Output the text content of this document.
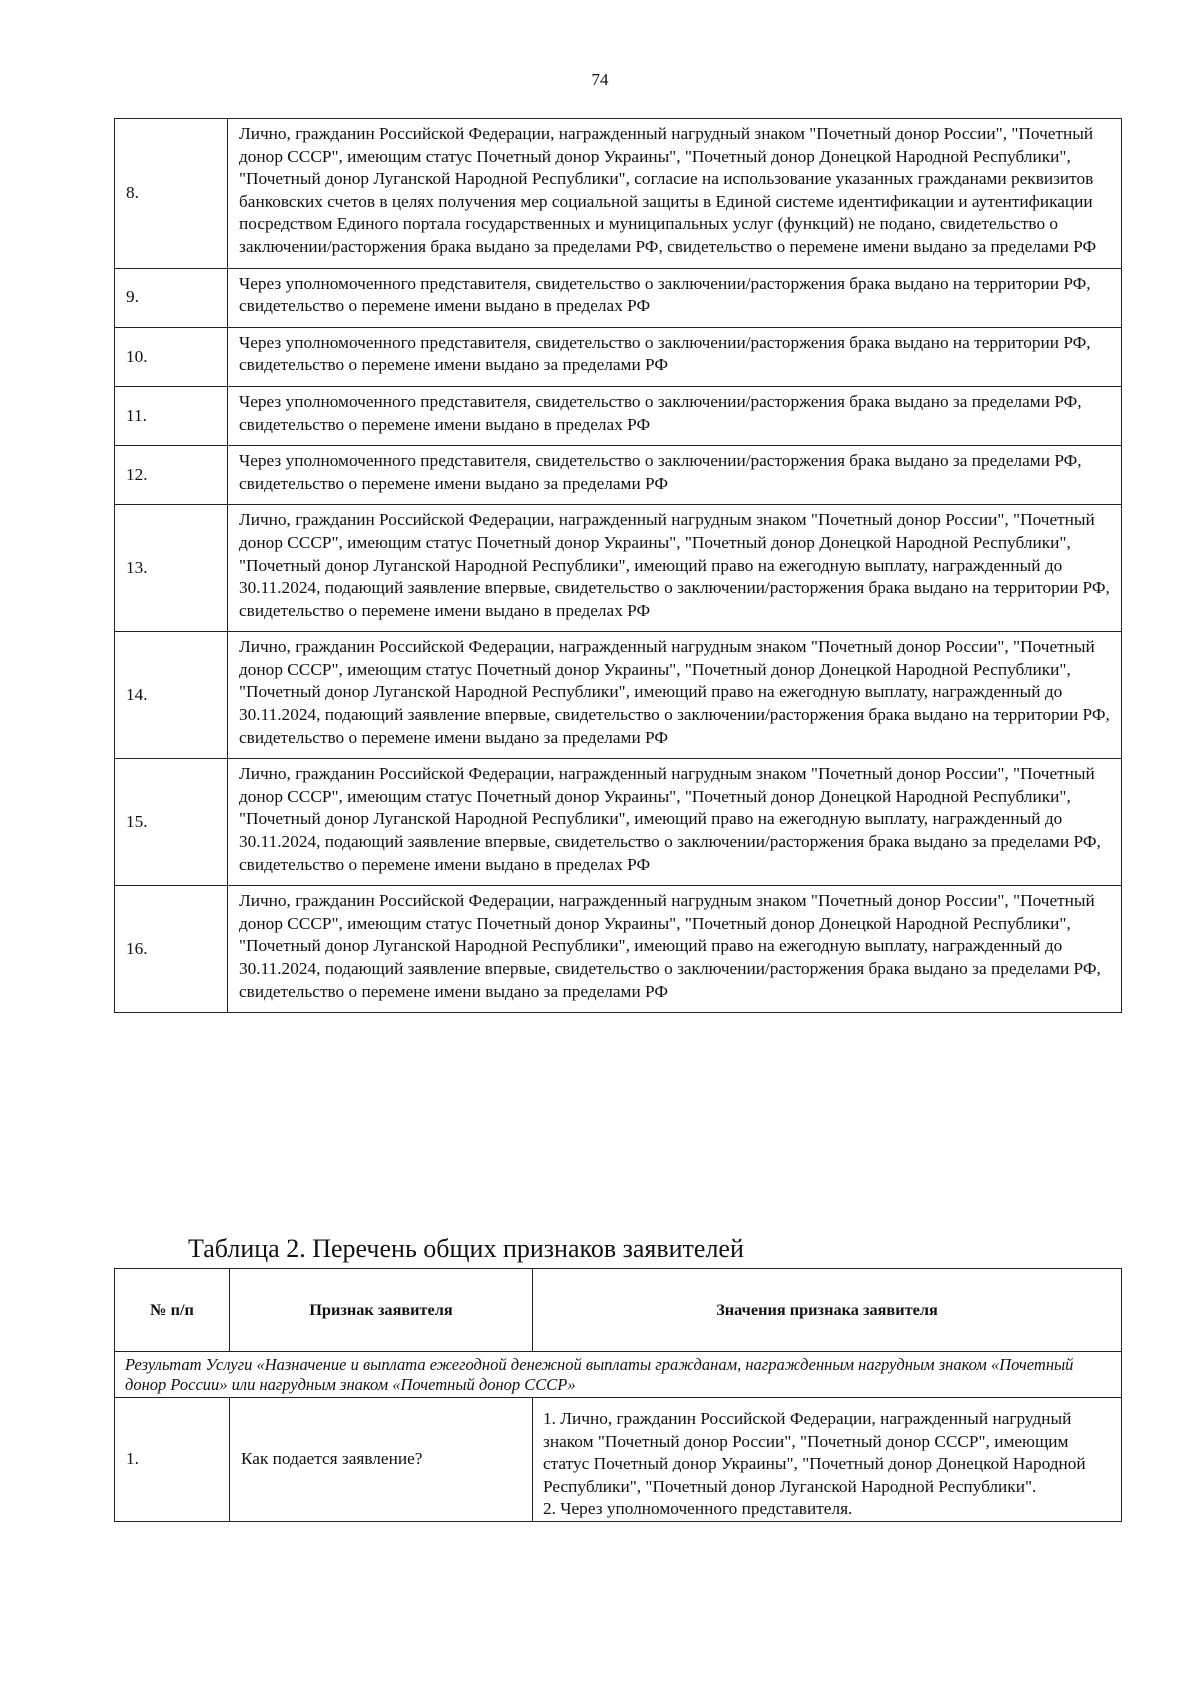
74
8.	Лично, гражданин Российской Федерации, награжденный нагрудный знаком "Почетный донор России", "Почетный донор СССР", имеющим статус Почетный донор Украины", "Почетный донор Донецкой Народной Республики", "Почетный донор Луганской Народной Республики", согласие на использование указанных гражданами реквизитов банковских счетов в целях получения мер социальной защиты в Единой системе идентификации и аутентификации посредством Единого портала государственных и муниципальных услуг (функций) не подано, свидетельство о заключении/расторжения брака выдано за пределами РФ, свидетельство о перемене имени выдано за пределами РФ
9.	Через уполномоченного представителя, свидетельство о заключении/расторжения брака выдано на территории РФ, свидетельство о перемене имени выдано в пределах РФ
10.	Через уполномоченного представителя, свидетельство о заключении/расторжения брака выдано на территории РФ, свидетельство о перемене имени выдано за пределами РФ
11.	Через уполномоченного представителя, свидетельство о заключении/расторжения брака выдано за пределами РФ, свидетельство о перемене имени выдано в пределах РФ
12.	Через уполномоченного представителя, свидетельство о заключении/расторжения брака выдано за пределами РФ, свидетельство о перемене имени выдано за пределами РФ
13.	Лично, гражданин Российской Федерации, награжденный нагрудным знаком "Почетный донор России", "Почетный донор СССР", имеющим статус Почетный донор Украины", "Почетный донор Донецкой Народной Республики", "Почетный донор Луганской Народной Республики", имеющий право на ежегодную выплату, награжденный до 30.11.2024, подающий заявление впервые, свидетельство о заключении/расторжения брака выдано на территории РФ, свидетельство о перемене имени выдано в пределах РФ
14.	Лично, гражданин Российской Федерации, награжденный нагрудным знаком "Почетный донор России", "Почетный донор СССР", имеющим статус Почетный донор Украины", "Почетный донор Донецкой Народной Республики", "Почетный донор Луганской Народной Республики", имеющий право на ежегодную выплату, награжденный до 30.11.2024, подающий заявление впервые, свидетельство о заключении/расторжения брака выдано на территории РФ, свидетельство о перемене имени выдано за пределами РФ
15.	Лично, гражданин Российской Федерации, награжденный нагрудным знаком "Почетный донор России", "Почетный донор СССР", имеющим статус Почетный донор Украины", "Почетный донор Донецкой Народной Республики", "Почетный донор Луганской Народной Республики", имеющий право на ежегодную выплату, награжденный до 30.11.2024, подающий заявление впервые, свидетельство о заключении/расторжения брака выдано за пределами РФ, свидетельство о перемене имени выдано в пределах РФ
16.	Лично, гражданин Российской Федерации, награжденный нагрудным знаком "Почетный донор России", "Почетный донор СССР", имеющим статус Почетный донор Украины", "Почетный донор Донецкой Народной Республики", "Почетный донор Луганской Народной Республики", имеющий право на ежегодную выплату, награжденный до 30.11.2024, подающий заявление впервые, свидетельство о заключении/расторжения брака выдано за пределами РФ, свидетельство о перемене имени выдано за пределами РФ
Таблица 2. Перечень общих признаков заявителей
№ п/п	Признак заявителя	Значения признака заявителя
Результат Услуги «Назначение и выплата ежегодной денежной выплаты гражданам, награжденным нагрудным знаком «Почетный донор России» или нагрудным знаком «Почетный донор СССР»		
1.	Как подается заявление?	1. Лично, гражданин Российской Федерации, награжденный нагрудный знаком "Почетный донор России", "Почетный донор СССР", имеющим статус Почетный донор Украины", "Почетный донор Донецкой Народной Республики", "Почетный донор Луганской Народной Республики".
2. Через уполномоченного представителя.
